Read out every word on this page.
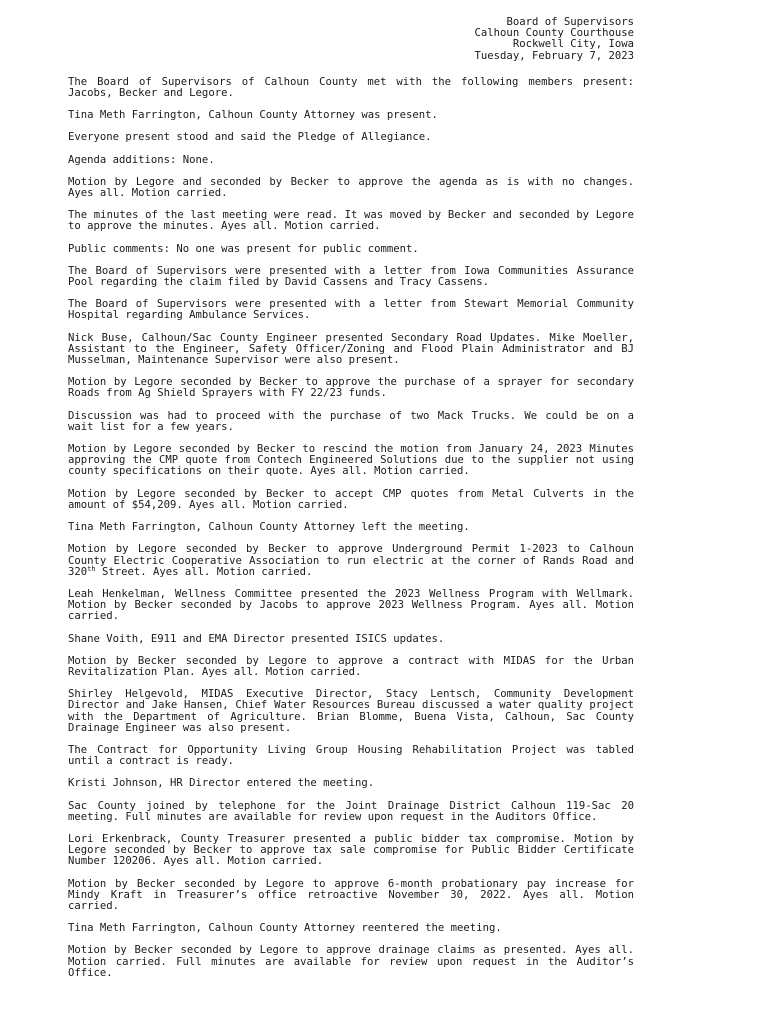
Board of Supervisors
Calhoun County Courthouse
Rockwell City, Iowa
Tuesday, February 7, 2023

The Board of Supervisors of Calhoun County met with the following members present: Jacobs, Becker and Legore.

Tina Meth Farrington, Calhoun County Attorney was present.

Everyone present stood and said the Pledge of Allegiance.

Agenda additions: None.

Motion by Legore and seconded by Becker to approve the agenda as is with no changes. Ayes all. Motion carried.

The minutes of the last meeting were read. It was moved by Becker and seconded by Legore to approve the minutes. Ayes all. Motion carried.

Public comments: No one was present for public comment.

The Board of Supervisors were presented with a letter from Iowa Communities Assurance Pool regarding the claim filed by David Cassens and Tracy Cassens.

The Board of Supervisors were presented with a letter from Stewart Memorial Community Hospital regarding Ambulance Services.

Nick Buse, Calhoun/Sac County Engineer presented Secondary Road Updates. Mike Moeller, Assistant to the Engineer, Safety Officer/Zoning and Flood Plain Administrator and BJ Musselman, Maintenance Supervisor were also present.

Motion by Legore seconded by Becker to approve the purchase of a sprayer for secondary Roads from Ag Shield Sprayers with FY 22/23 funds.

Discussion was had to proceed with the purchase of two Mack Trucks. We could be on a wait list for a few years.

Motion by Legore seconded by Becker to rescind the motion from January 24, 2023 Minutes approving the CMP quote from Contech Engineered Solutions due to the supplier not using county specifications on their quote. Ayes all. Motion carried.

Motion by Legore seconded by Becker to accept CMP quotes from Metal Culverts in the amount of $54,209. Ayes all. Motion carried.

Tina Meth Farrington, Calhoun County Attorney left the meeting.

Motion by Legore seconded by Becker to approve Underground Permit 1-2023 to Calhoun County Electric Cooperative Association to run electric at the corner of Rands Road and 320th Street. Ayes all. Motion carried.

Leah Henkelman, Wellness Committee presented the 2023 Wellness Program with Wellmark. Motion by Becker seconded by Jacobs to approve 2023 Wellness Program. Ayes all. Motion carried.

Shane Voith, E911 and EMA Director presented ISICS updates.

Motion by Becker seconded by Legore to approve a contract with MIDAS for the Urban Revitalization Plan. Ayes all. Motion carried.

Shirley Helgevold, MIDAS Executive Director, Stacy Lentsch, Community Development Director and Jake Hansen, Chief Water Resources Bureau discussed a water quality project with the Department of Agriculture. Brian Blomme, Buena Vista, Calhoun, Sac County Drainage Engineer was also present.

The Contract for Opportunity Living Group Housing Rehabilitation Project was tabled until a contract is ready.

Kristi Johnson, HR Director entered the meeting.

Sac County joined by telephone for the Joint Drainage District Calhoun 119-Sac 20 meeting. Full minutes are available for review upon request in the Auditors Office.

Lori Erkenbrack, County Treasurer presented a public bidder tax compromise. Motion by Legore seconded by Becker to approve tax sale compromise for Public Bidder Certificate Number 120206. Ayes all. Motion carried.

Motion by Becker seconded by Legore to approve 6-month probationary pay increase for Mindy Kraft in Treasurer’s office retroactive November 30, 2022. Ayes all. Motion carried.

Tina Meth Farrington, Calhoun County Attorney reentered the meeting.

Motion by Becker seconded by Legore to approve drainage claims as presented. Ayes all. Motion carried. Full minutes are available for review upon request in the Auditor’s Office.
